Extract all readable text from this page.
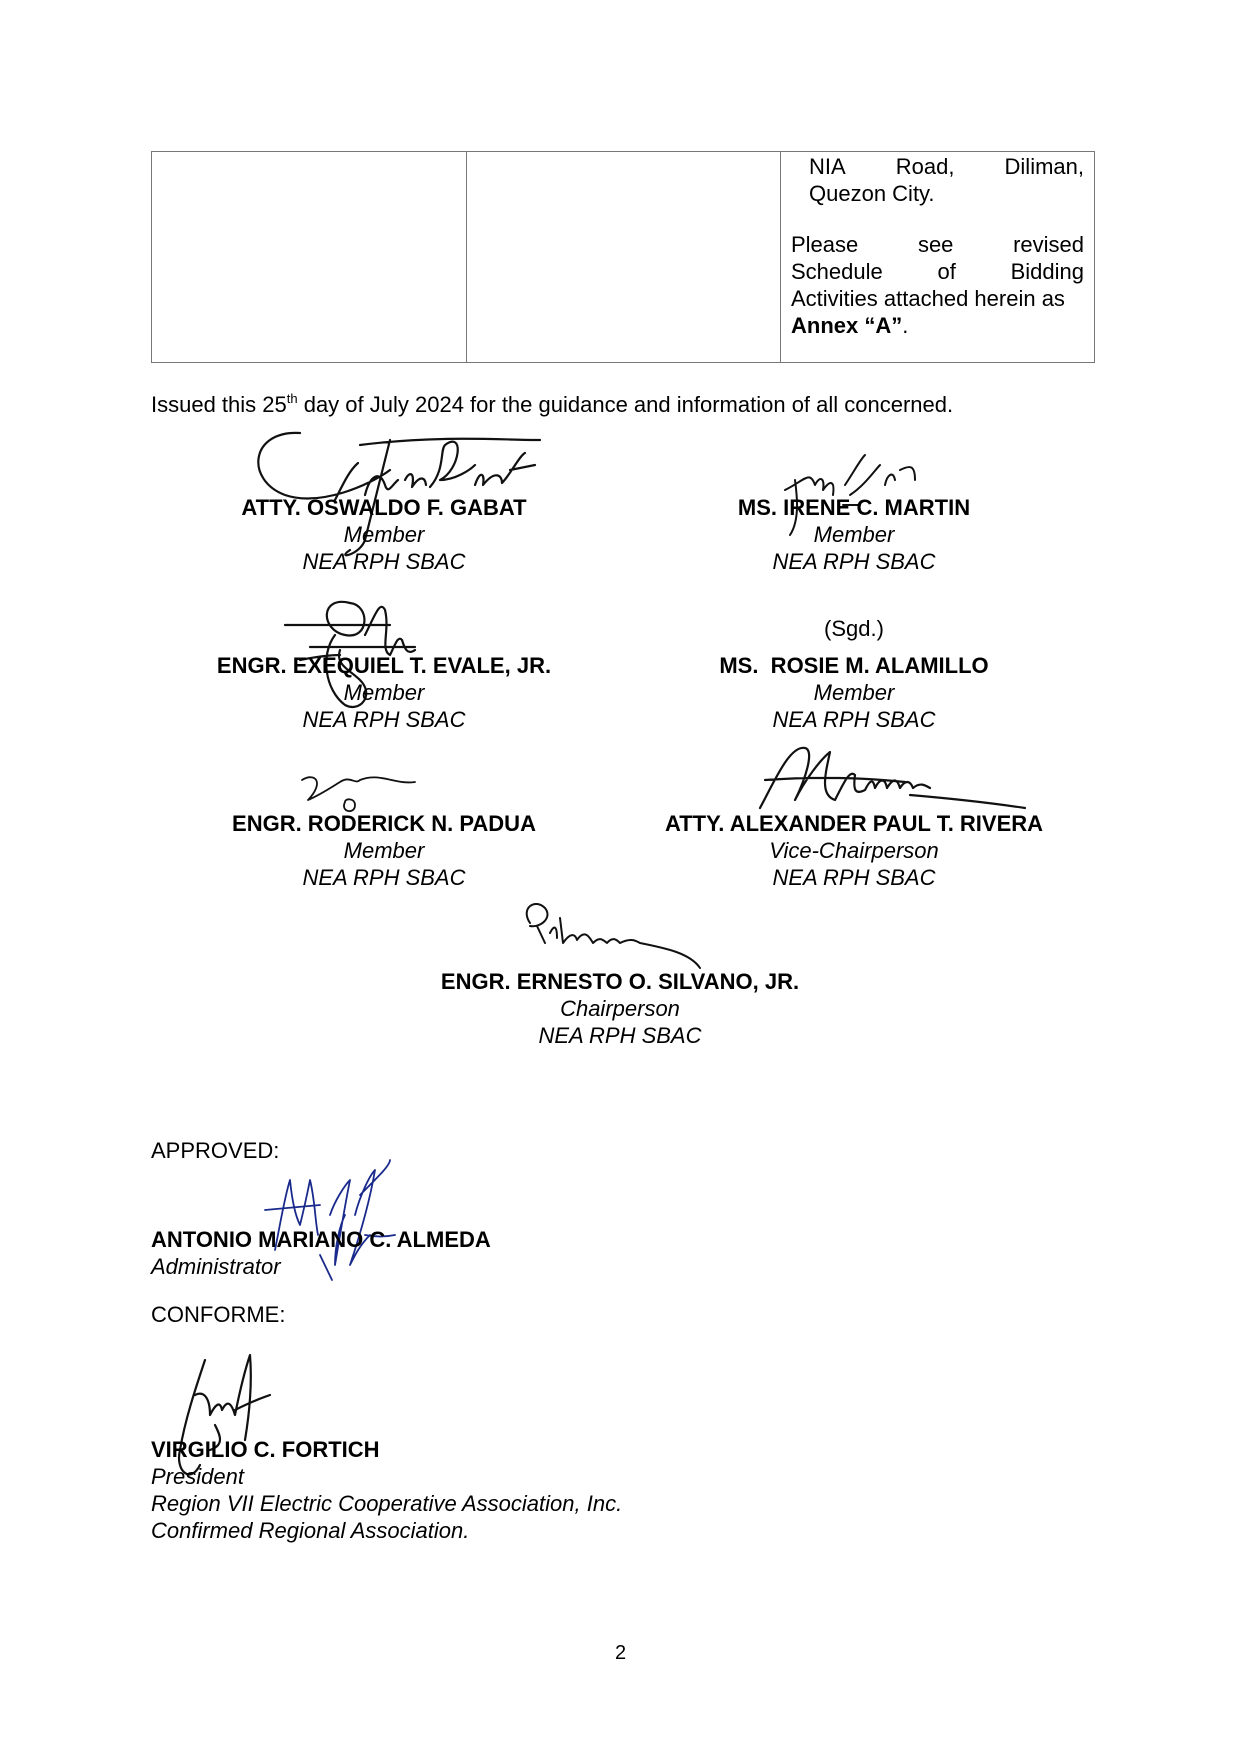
NIA Road, Diliman,
Quezon City.
Please	see	revised
Schedule of Bidding
Activities attached herein as
Annex “A”.
Issued this 25th day of July 2024 for the guidance and information of all concerned.
ATTY. OSWALDO F. GABAT
Member
NEA RPH SBAC
MS. IRENE C. MARTIN
Member
NEA RPH SBAC
(Sgd.)
ENGR. EXEQUIEL T. EVALE, JR.
Member
NEA RPH SBAC
MS.  ROSIE M. ALAMILLO
Member
NEA RPH SBAC
ENGR. RODERICK N. PADUA
Member
NEA RPH SBAC
ATTY. ALEXANDER PAUL T. RIVERA
Vice-Chairperson
NEA RPH SBAC
ENGR. ERNESTO O. SILVANO, JR.
Chairperson
NEA RPH SBAC
APPROVED:
ANTONIO MARIANO C. ALMEDA
Administrator
CONFORME:
VIRGILIO C. FORTICH
President
Region VII Electric Cooperative Association, Inc.
Confirmed Regional Association.
2
